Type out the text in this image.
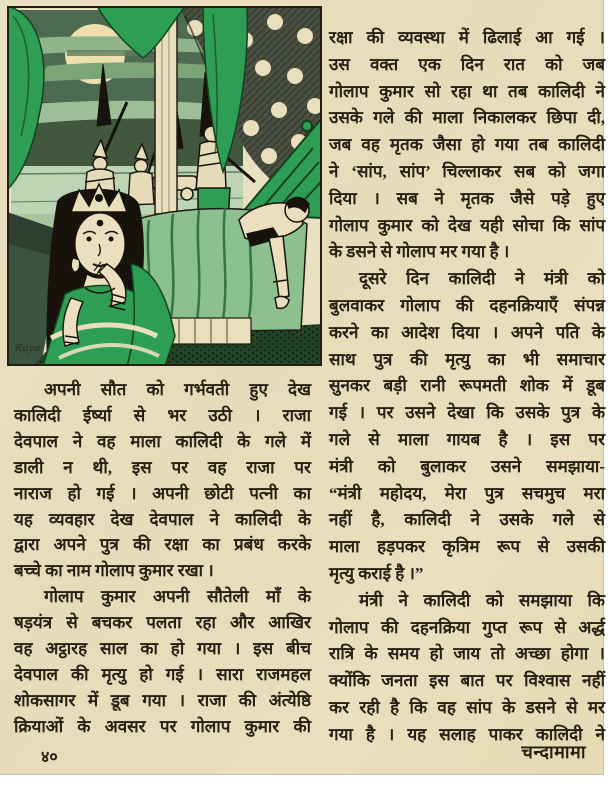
Raya
रक्षा की व्यवस्था में ढिलाई आ गई ।
उस वक्त एक दिन रात को जब
गोलाप कुमार सो रहा था तब कालिदी ने
उसके गले की माला निकालकर छिपा दी,
जब वह मृतक जैसा हो गया तब कालिदी
ने ‘सांप, सांप’ चिल्लाकर सब को जगा
दिया । सब ने मृतक जैसे पड़े हुए
गोलाप कुमार को देख यही सोचा कि सांप
के डसने से गोलाप मर गया है ।
दूसरे दिन कालिदी ने मंत्री को
बुलवाकर गोलाप की दहनक्रियाएँ संपन्न
करने का आदेश दिया । अपने पति के
साथ पुत्र की मृत्यु का भी समाचार
सुनकर बड़ी रानी रूपमती शोक में डूब
गई । पर उसने देखा कि उसके पुत्र के
गले से माला गायब है । इस पर
मंत्री को बुलाकर उसने समझाया-
“मंत्री महोदय, मेरा पुत्र सचमुच मरा
नहीं है, कालिदी ने उसके गले से
माला हड़पकर कृत्रिम रूप से उसकी
मृत्यु कराई है ।”
मंत्री ने कालिदी को समझाया कि
गोलाप की दहनक्रिया गुप्त रूप से अर्द्ध
रात्रि के समय हो जाय तो अच्छा होगा ।
क्योंकि जनता इस बात पर विश्वास नहीं
कर रही है कि वह सांप के डसने से मर
गया है । यह सलाह पाकर कालिदी ने
अपनी सौत को गर्भवती हुए देख
कालिदी ईर्ष्या से भर उठी । राजा
देवपाल ने वह माला कालिदी के गले में
डाली न थी, इस पर वह राजा पर
नाराज हो गई । अपनी छोटी पत्नी का
यह व्यवहार देख देवपाल ने कालिदी के
द्वारा अपने पुत्र की रक्षा का प्रबंध करके
बच्चे का नाम गोलाप कुमार रखा ।
गोलाप कुमार अपनी सौतेली माँ के
षड़यंत्र से बचकर पलता रहा और आखिर
वह अट्ठारह साल का हो गया । इस बीच
देवपाल की मृत्यु हो गई । सारा राजमहल
शोकसागर में डूब गया । राजा की अंत्येष्ठि
क्रियाओं के अवसर पर गोलाप कुमार की
४०	चन्दामामा
